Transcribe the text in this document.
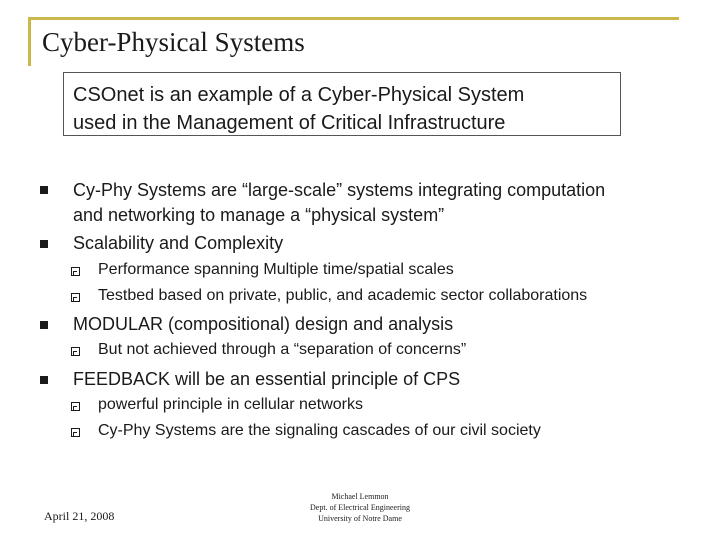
Cyber-Physical Systems
CSOnet is an example of a Cyber-Physical System
used in the Management of Critical Infrastructure
Cy-Phy Systems are “large-scale” systems integrating computation
and networking to manage a “physical system”
Scalability and Complexity
Performance spanning Multiple time/spatial scales
Testbed based on private, public, and academic sector collaborations
MODULAR (compositional) design and analysis
But not achieved through a “separation of concerns”
FEEDBACK will be an essential principle of CPS
powerful principle in cellular networks
Cy-Phy Systems are the signaling cascades of our civil society
April 21, 2008
Michael Lemmon
Dept. of Electrical Engineering
University of Notre Dame
